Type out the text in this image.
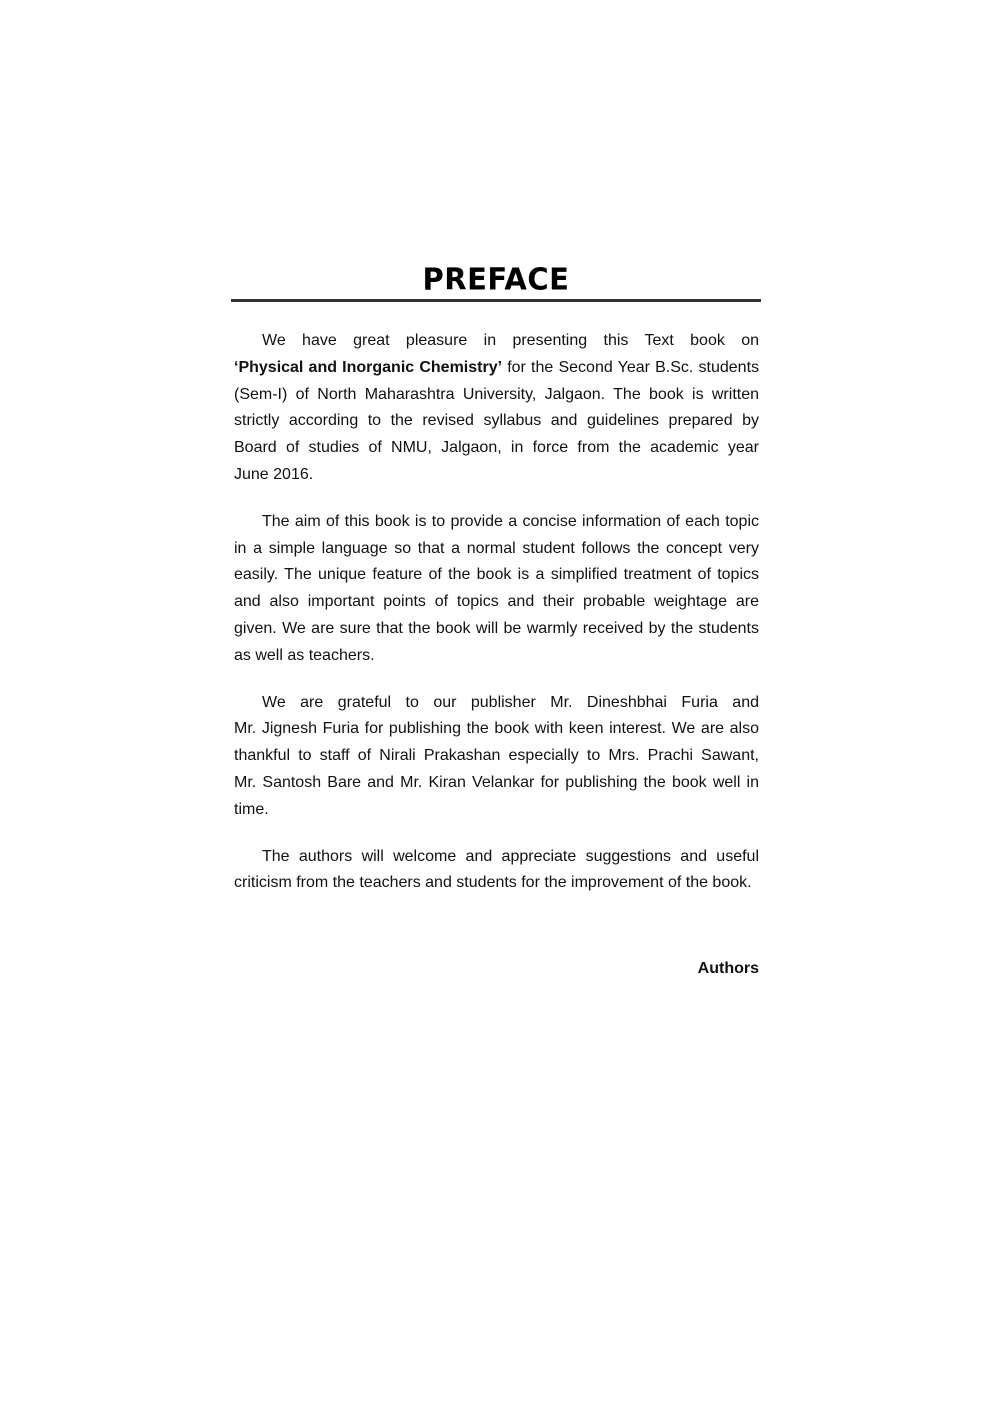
PREFACE

We have great pleasure in presenting this Text book on
‘Physical and Inorganic Chemistry’ for the Second Year B.Sc. students
(Sem-I) of North Maharashtra University, Jalgaon. The book is written
strictly according to the revised syllabus and guidelines prepared by
Board of studies of NMU, Jalgaon, in force from the academic year
June 2016.

The aim of this book is to provide a concise information of each topic
in a simple language so that a normal student follows the concept very
easily. The unique feature of the book is a simplified treatment of topics
and also important points of topics and their probable weightage are
given. We are sure that the book will be warmly received by the students
as well as teachers.

We are grateful to our publisher Mr. Dineshbhai Furia and
Mr. Jignesh Furia for publishing the book with keen interest. We are also
thankful to staff of Nirali Prakashan especially to Mrs. Prachi Sawant,
Mr. Santosh Bare and Mr. Kiran Velankar for publishing the book well in
time.

The authors will welcome and appreciate suggestions and useful
criticism from the teachers and students for the improvement of the book.

Authors
